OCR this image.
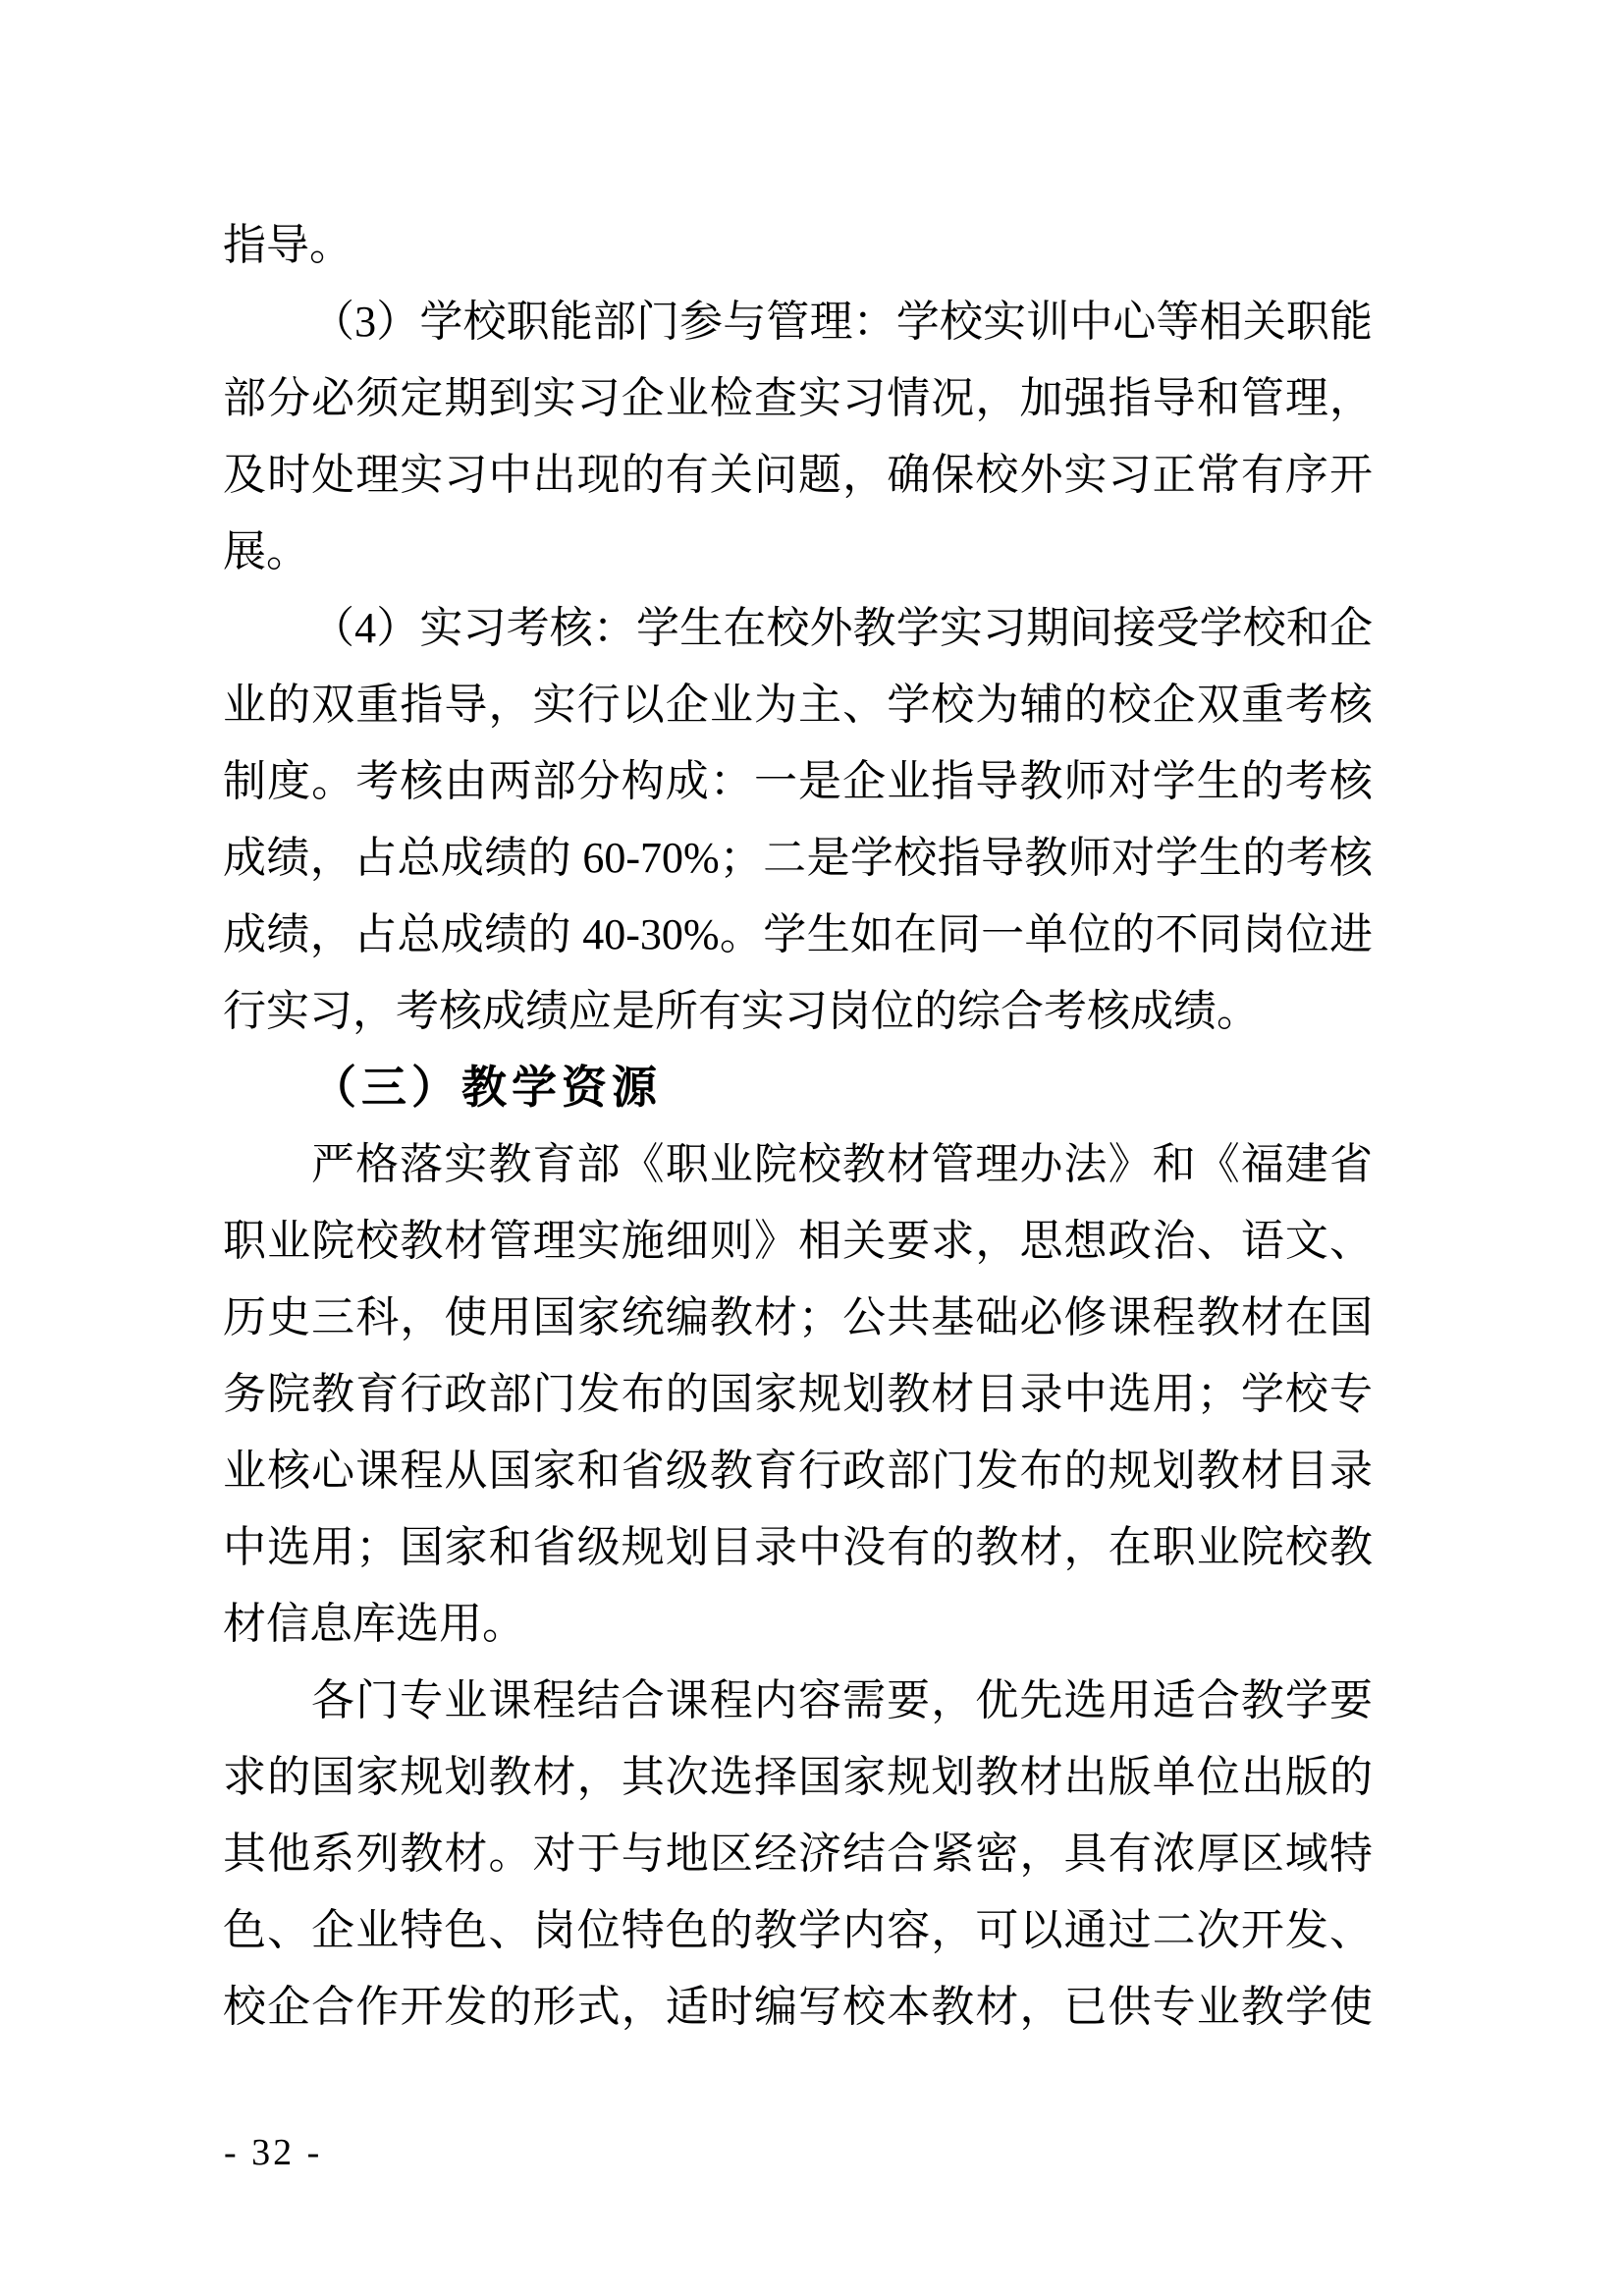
指导。
（3）学校职能部门参与管理：学校实训中心等相关职能
部分必须定期到实习企业检查实习情况，加强指导和管理，
及时处理实习中出现的有关问题，确保校外实习正常有序开
展。
（4）实习考核：学生在校外教学实习期间接受学校和企
业的双重指导，实行以企业为主、学校为辅的校企双重考核
制度。考核由两部分构成：一是企业指导教师对学生的考核
成绩，占总成绩的 60-70%；二是学校指导教师对学生的考核
成绩，占总成绩的 40-30%。学生如在同一单位的不同岗位进
行实习，考核成绩应是所有实习岗位的综合考核成绩。
（三）教学资源
严格落实教育部《职业院校教材管理办法》和《福建省
职业院校教材管理实施细则》相关要求，思想政治、语文、
历史三科，使用国家统编教材；公共基础必修课程教材在国
务院教育行政部门发布的国家规划教材目录中选用；学校专
业核心课程从国家和省级教育行政部门发布的规划教材目录
中选用；国家和省级规划目录中没有的教材，在职业院校教
材信息库选用。
各门专业课程结合课程内容需要，优先选用适合教学要
求的国家规划教材，其次选择国家规划教材出版单位出版的
其他系列教材。对于与地区经济结合紧密，具有浓厚区域特
色、企业特色、岗位特色的教学内容，可以通过二次开发、
校企合作开发的形式，适时编写校本教材，已供专业教学使
- 32 -
